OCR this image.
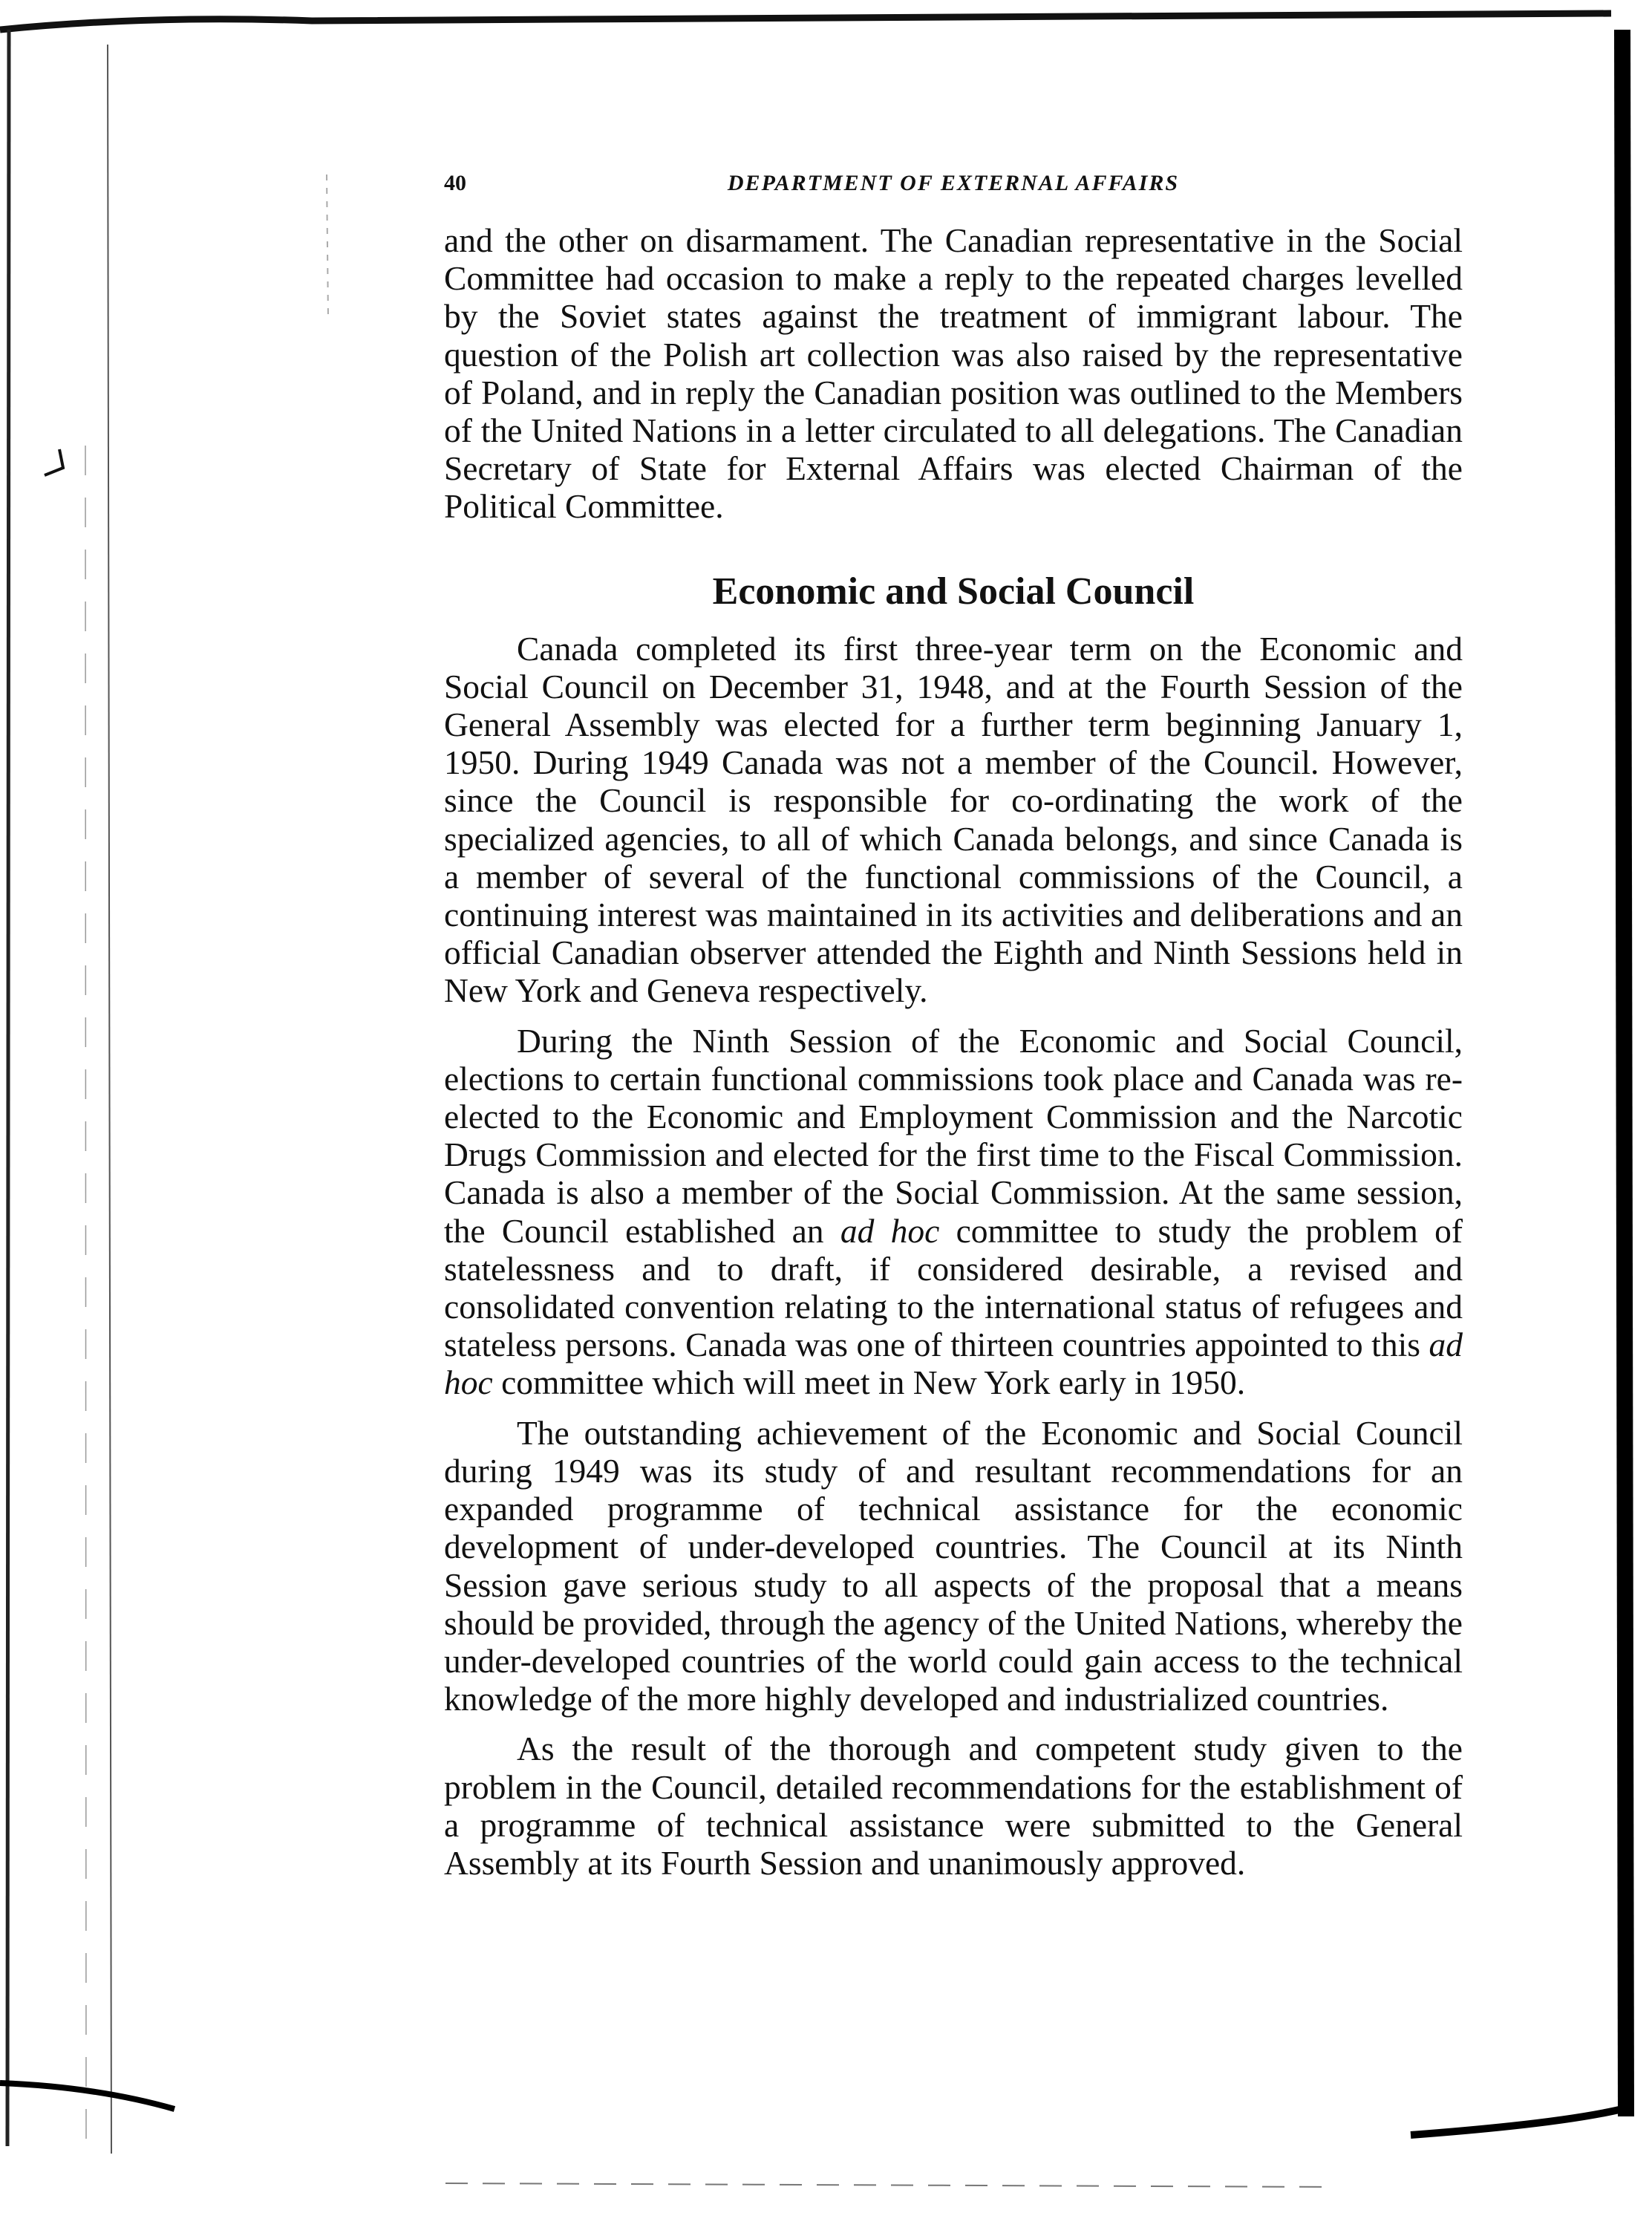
40	DEPARTMENT OF EXTERNAL AFFAIRS

and the other on disarmament. The Canadian representative in the Social Committee had occasion to make a reply to the repeated charges levelled by the Soviet states against the treatment of immigrant labour. The question of the Polish art collection was also raised by the representative of Poland, and in reply the Canadian position was outlined to the Members of the United Nations in a letter circulated to all delegations. The Canadian Secretary of State for External Affairs was elected Chairman of the Political Committee.

Economic and Social Council

Canada completed its first three-year term on the Economic and Social Council on December 31, 1948, and at the Fourth Session of the General Assembly was elected for a further term beginning January 1, 1950. During 1949 Canada was not a member of the Council. However, since the Council is responsible for co-ordinating the work of the specialized agencies, to all of which Canada belongs, and since Canada is a member of several of the functional commissions of the Council, a continuing interest was maintained in its activities and deliberations and an official Canadian observer attended the Eighth and Ninth Sessions held in New York and Geneva respectively.

During the Ninth Session of the Economic and Social Council, elections to certain functional commissions took place and Canada was re-elected to the Economic and Employment Commission and the Narcotic Drugs Commission and elected for the first time to the Fiscal Commission. Canada is also a member of the Social Commission. At the same session, the Council established an ad hoc committee to study the problem of statelessness and to draft, if considered desirable, a revised and consolidated convention relating to the international status of refugees and stateless persons. Canada was one of thirteen countries appointed to this ad hoc committee which will meet in New York early in 1950.

The outstanding achievement of the Economic and Social Council during 1949 was its study of and resultant recommendations for an expanded programme of technical assistance for the economic development of under-developed countries. The Council at its Ninth Session gave serious study to all aspects of the proposal that a means should be provided, through the agency of the United Nations, whereby the under-developed countries of the world could gain access to the technical knowledge of the more highly developed and industrialized countries.

As the result of the thorough and competent study given to the problem in the Council, detailed recommendations for the establishment of a programme of technical assistance were submitted to the General Assembly at its Fourth Session and unanimously approved.
